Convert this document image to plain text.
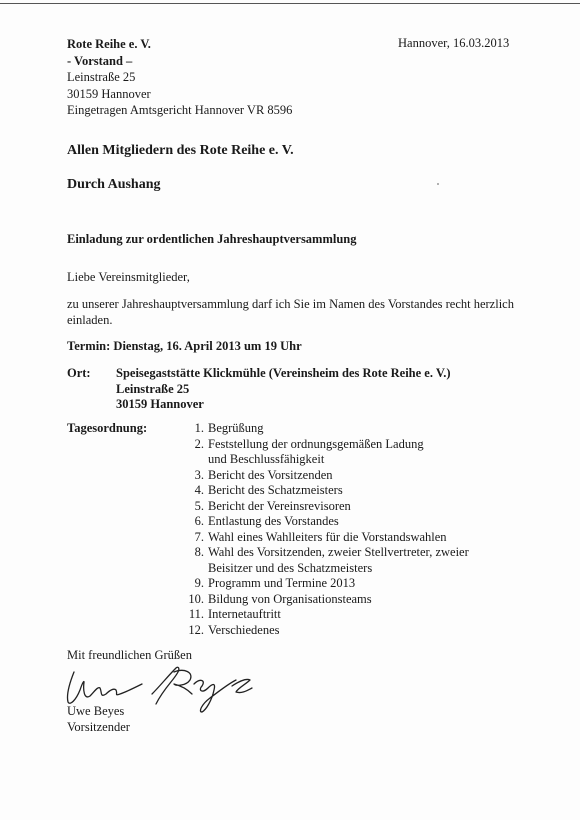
Rote Reihe e. V.
- Vorstand –
Leinstraße 25
30159 Hannover
Eingetragen Amtsgericht Hannover VR 8596
Hannover, 16.03.2013
Allen Mitgliedern des Rote Reihe e. V.
Durch Aushang
Einladung zur ordentlichen Jahreshauptversammlung
Liebe Vereinsmitglieder,
zu unserer Jahreshauptversammlung darf ich Sie im Namen des Vorstandes recht herzlich einladen.
Termin: Dienstag, 16. April 2013 um 19 Uhr
Ort: Speisegaststätte Klickmühle (Vereinsheim des Rote Reihe e. V.)
Leinstraße 25
30159 Hannover
Tagesordnung:	1. Begrüßung
2. Feststellung der ordnungsgemäßen Ladung und Beschlussfähigkeit
3. Bericht des Vorsitzenden
4. Bericht des Schatzmeisters
5. Bericht der Vereinsrevisoren
6. Entlastung des Vorstandes
7. Wahl eines Wahlleiters für die Vorstandswahlen
8. Wahl des Vorsitzenden, zweier Stellvertreter, zweier Beisitzer und des Schatzmeisters
9. Programm und Termine 2013
10. Bildung von Organisationsteams
11. Internetauftritt
12. Verschiedenes
Mit freundlichen Grüßen
Uwe Beyes
Vorsitzender
